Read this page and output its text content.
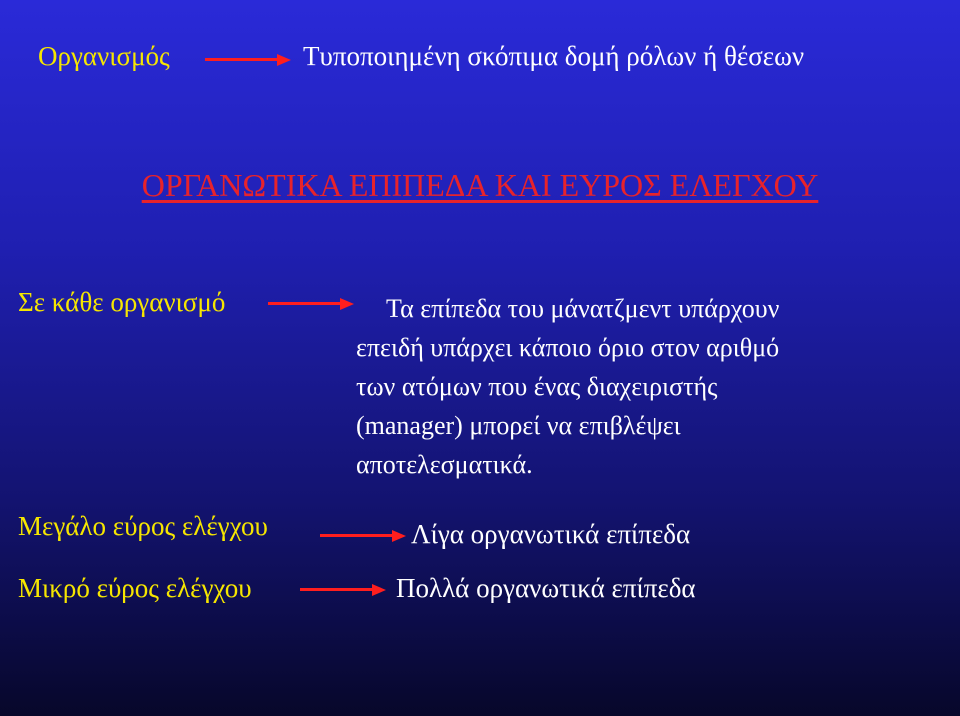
Οργανισμός	Τυποποιημένη σκόπιμα δομή ρόλων ή θέσεων
ΟΡΓΑΝΩΤΙΚΑ ΕΠΙΠΕΔΑ ΚΑΙ ΕΥΡΟΣ ΕΛΕΓΧΟΥ
Σε κάθε οργανισμό	Τα επίπεδα του μάνατζμεντ υπάρχουν
επειδή υπάρχει κάποιο όριο στον αριθμό
των ατόμων που ένας διαχειριστής
(manager) μπορεί να επιβλέψει
αποτελεσματικά.
Μεγάλο εύρος ελέγχου	Λίγα οργανωτικά επίπεδα
Μικρό εύρος ελέγχου	Πολλά οργανωτικά επίπεδα
